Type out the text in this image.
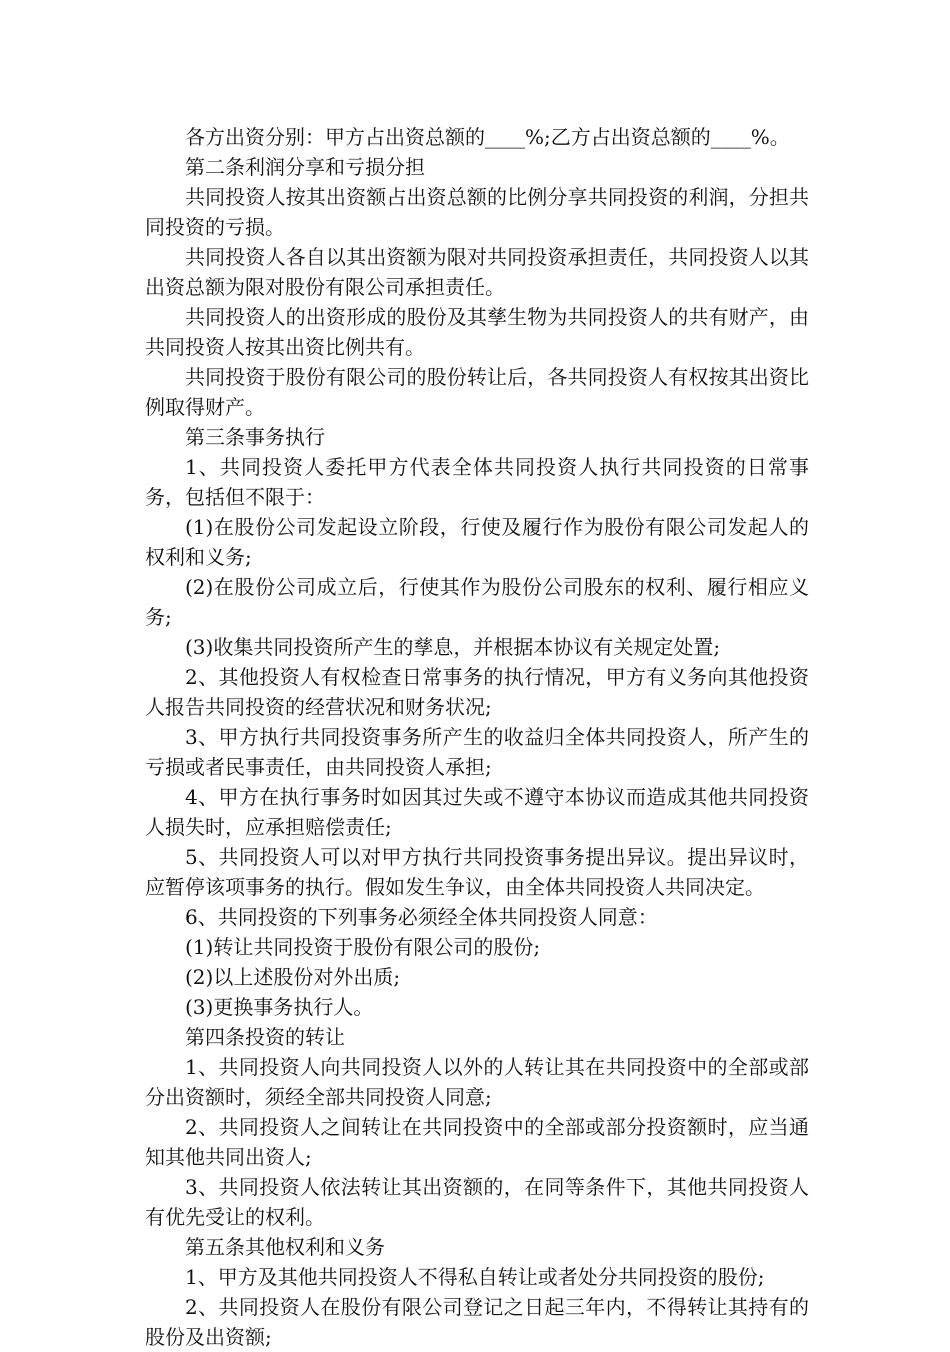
各方出资分别：甲方占出资总额的____%;乙方占出资总额的____%。

第二条利润分享和亏损分担

共同投资人按其出资额占出资总额的比例分享共同投资的利润，分担共同投资的亏损。

共同投资人各自以其出资额为限对共同投资承担责任，共同投资人以其出资总额为限对股份有限公司承担责任。

共同投资人的出资形成的股份及其孳生物为共同投资人的共有财产，由共同投资人按其出资比例共有。

共同投资于股份有限公司的股份转让后，各共同投资人有权按其出资比例取得财产。

第三条事务执行

1、共同投资人委托甲方代表全体共同投资人执行共同投资的日常事务，包括但不限于：

(1)在股份公司发起设立阶段，行使及履行作为股份有限公司发起人的权利和义务;

(2)在股份公司成立后，行使其作为股份公司股东的权利、履行相应义务;

(3)收集共同投资所产生的孳息，并根据本协议有关规定处置;

2、其他投资人有权检查日常事务的执行情况，甲方有义务向其他投资人报告共同投资的经营状况和财务状况;

3、甲方执行共同投资事务所产生的收益归全体共同投资人，所产生的亏损或者民事责任，由共同投资人承担;

4、甲方在执行事务时如因其过失或不遵守本协议而造成其他共同投资人损失时，应承担赔偿责任;

5、共同投资人可以对甲方执行共同投资事务提出异议。提出异议时，应暂停该项事务的执行。假如发生争议，由全体共同投资人共同决定。

6、共同投资的下列事务必须经全体共同投资人同意：

(1)转让共同投资于股份有限公司的股份;

(2)以上述股份对外出质;

(3)更换事务执行人。

第四条投资的转让

1、共同投资人向共同投资人以外的人转让其在共同投资中的全部或部分出资额时，须经全部共同投资人同意;

2、共同投资人之间转让在共同投资中的全部或部分投资额时，应当通知其他共同出资人;

3、共同投资人依法转让其出资额的，在同等条件下，其他共同投资人有优先受让的权利。

第五条其他权利和义务

1、甲方及其他共同投资人不得私自转让或者处分共同投资的股份;

2、共同投资人在股份有限公司登记之日起三年内，不得转让其持有的股份及出资额;
